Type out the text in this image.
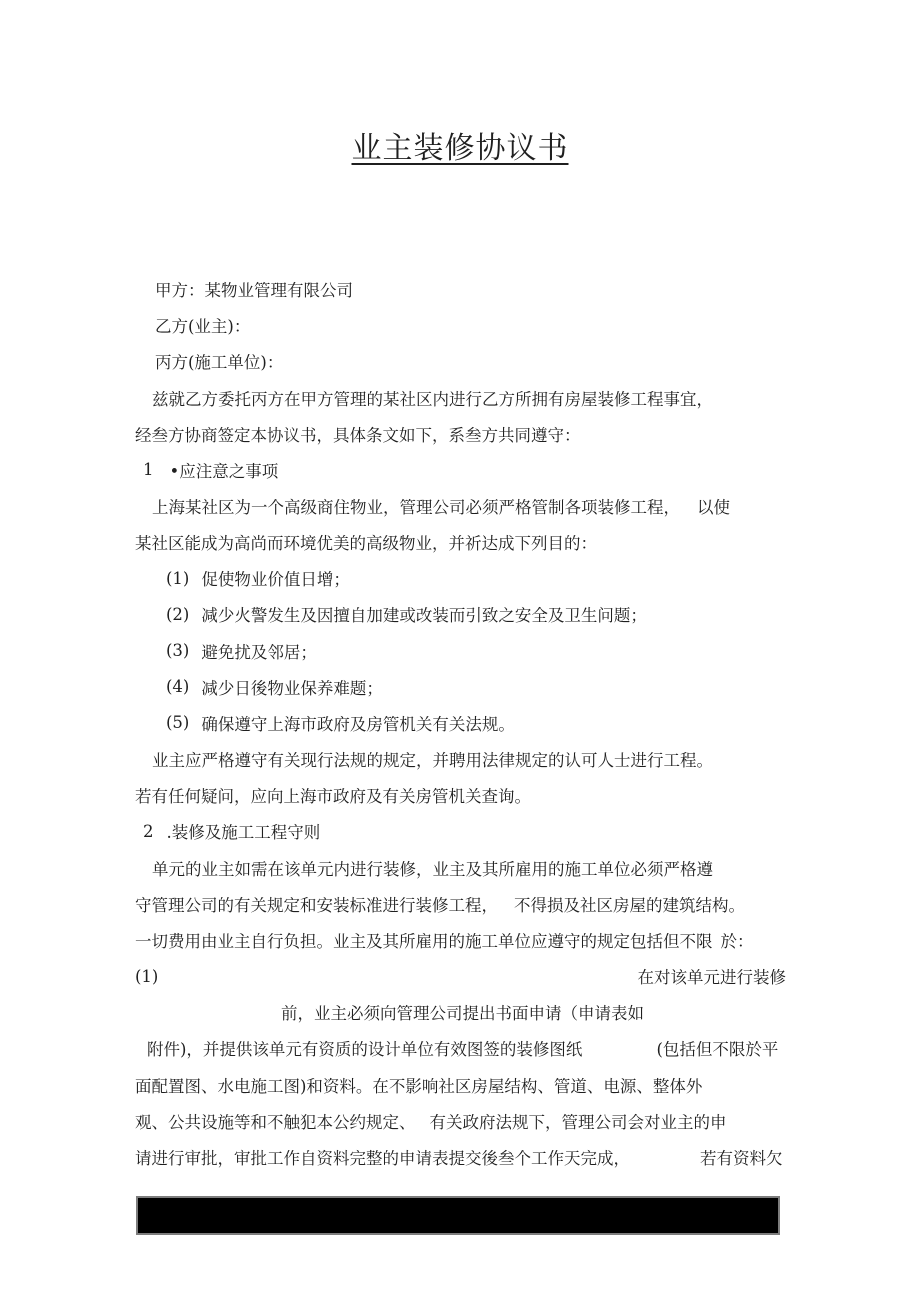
业主装修协议书
甲方：某物业管理有限公司
乙方(业主)：
丙方(施工单位)：
兹就乙方委托丙方在甲方管理的某社区内进行乙方所拥有房屋装修工程事宜，
经叁方协商签定本协议书，具体条文如下，系叁方共同遵守：
1 •应注意之事项
上海某社区为一个高级商住物业，管理公司必须严格管制各项装修工程， 以使
某社区能成为高尚而环境优美的高级物业，并祈达成下列目的：
(1) 促使物业价值日增；
(2) 减少火警发生及因擅自加建或改装而引致之安全及卫生问题；
(3) 避免扰及邻居；
(4) 减少日後物业保养难题；
(5) 确保遵守上海市政府及房管机关有关法规。
业主应严格遵守有关现行法规的规定，并聘用法律规定的认可人士进行工程。
若有任何疑问，应向上海市政府及有关房管机关查询。
2 .装修及施工工程守则
单元的业主如需在该单元内进行装修，业主及其所雇用的施工单位必须严格遵
守管理公司的有关规定和安装标准进行装修工程， 不得损及社区房屋的建筑结构。
一切费用由业主自行负担。业主及其所雇用的施工单位应遵守的规定包括但不限 於：
(1)	在对该单元进行装修
前，业主必须向管理公司提出书面申请（申请表如
附件)，并提供该单元有资质的设计单位有效图签的装修图纸	(包括但不限於平
面配置图、水电施工图)和资料。在不影响社区房屋结构、管道、电源、整体外
观、公共设施等和不触犯本公约规定、 有关政府法规下，管理公司会对业主的申
请进行审批，审批工作自资料完整的申请表提交後叁个工作天完成，	若有资料欠
